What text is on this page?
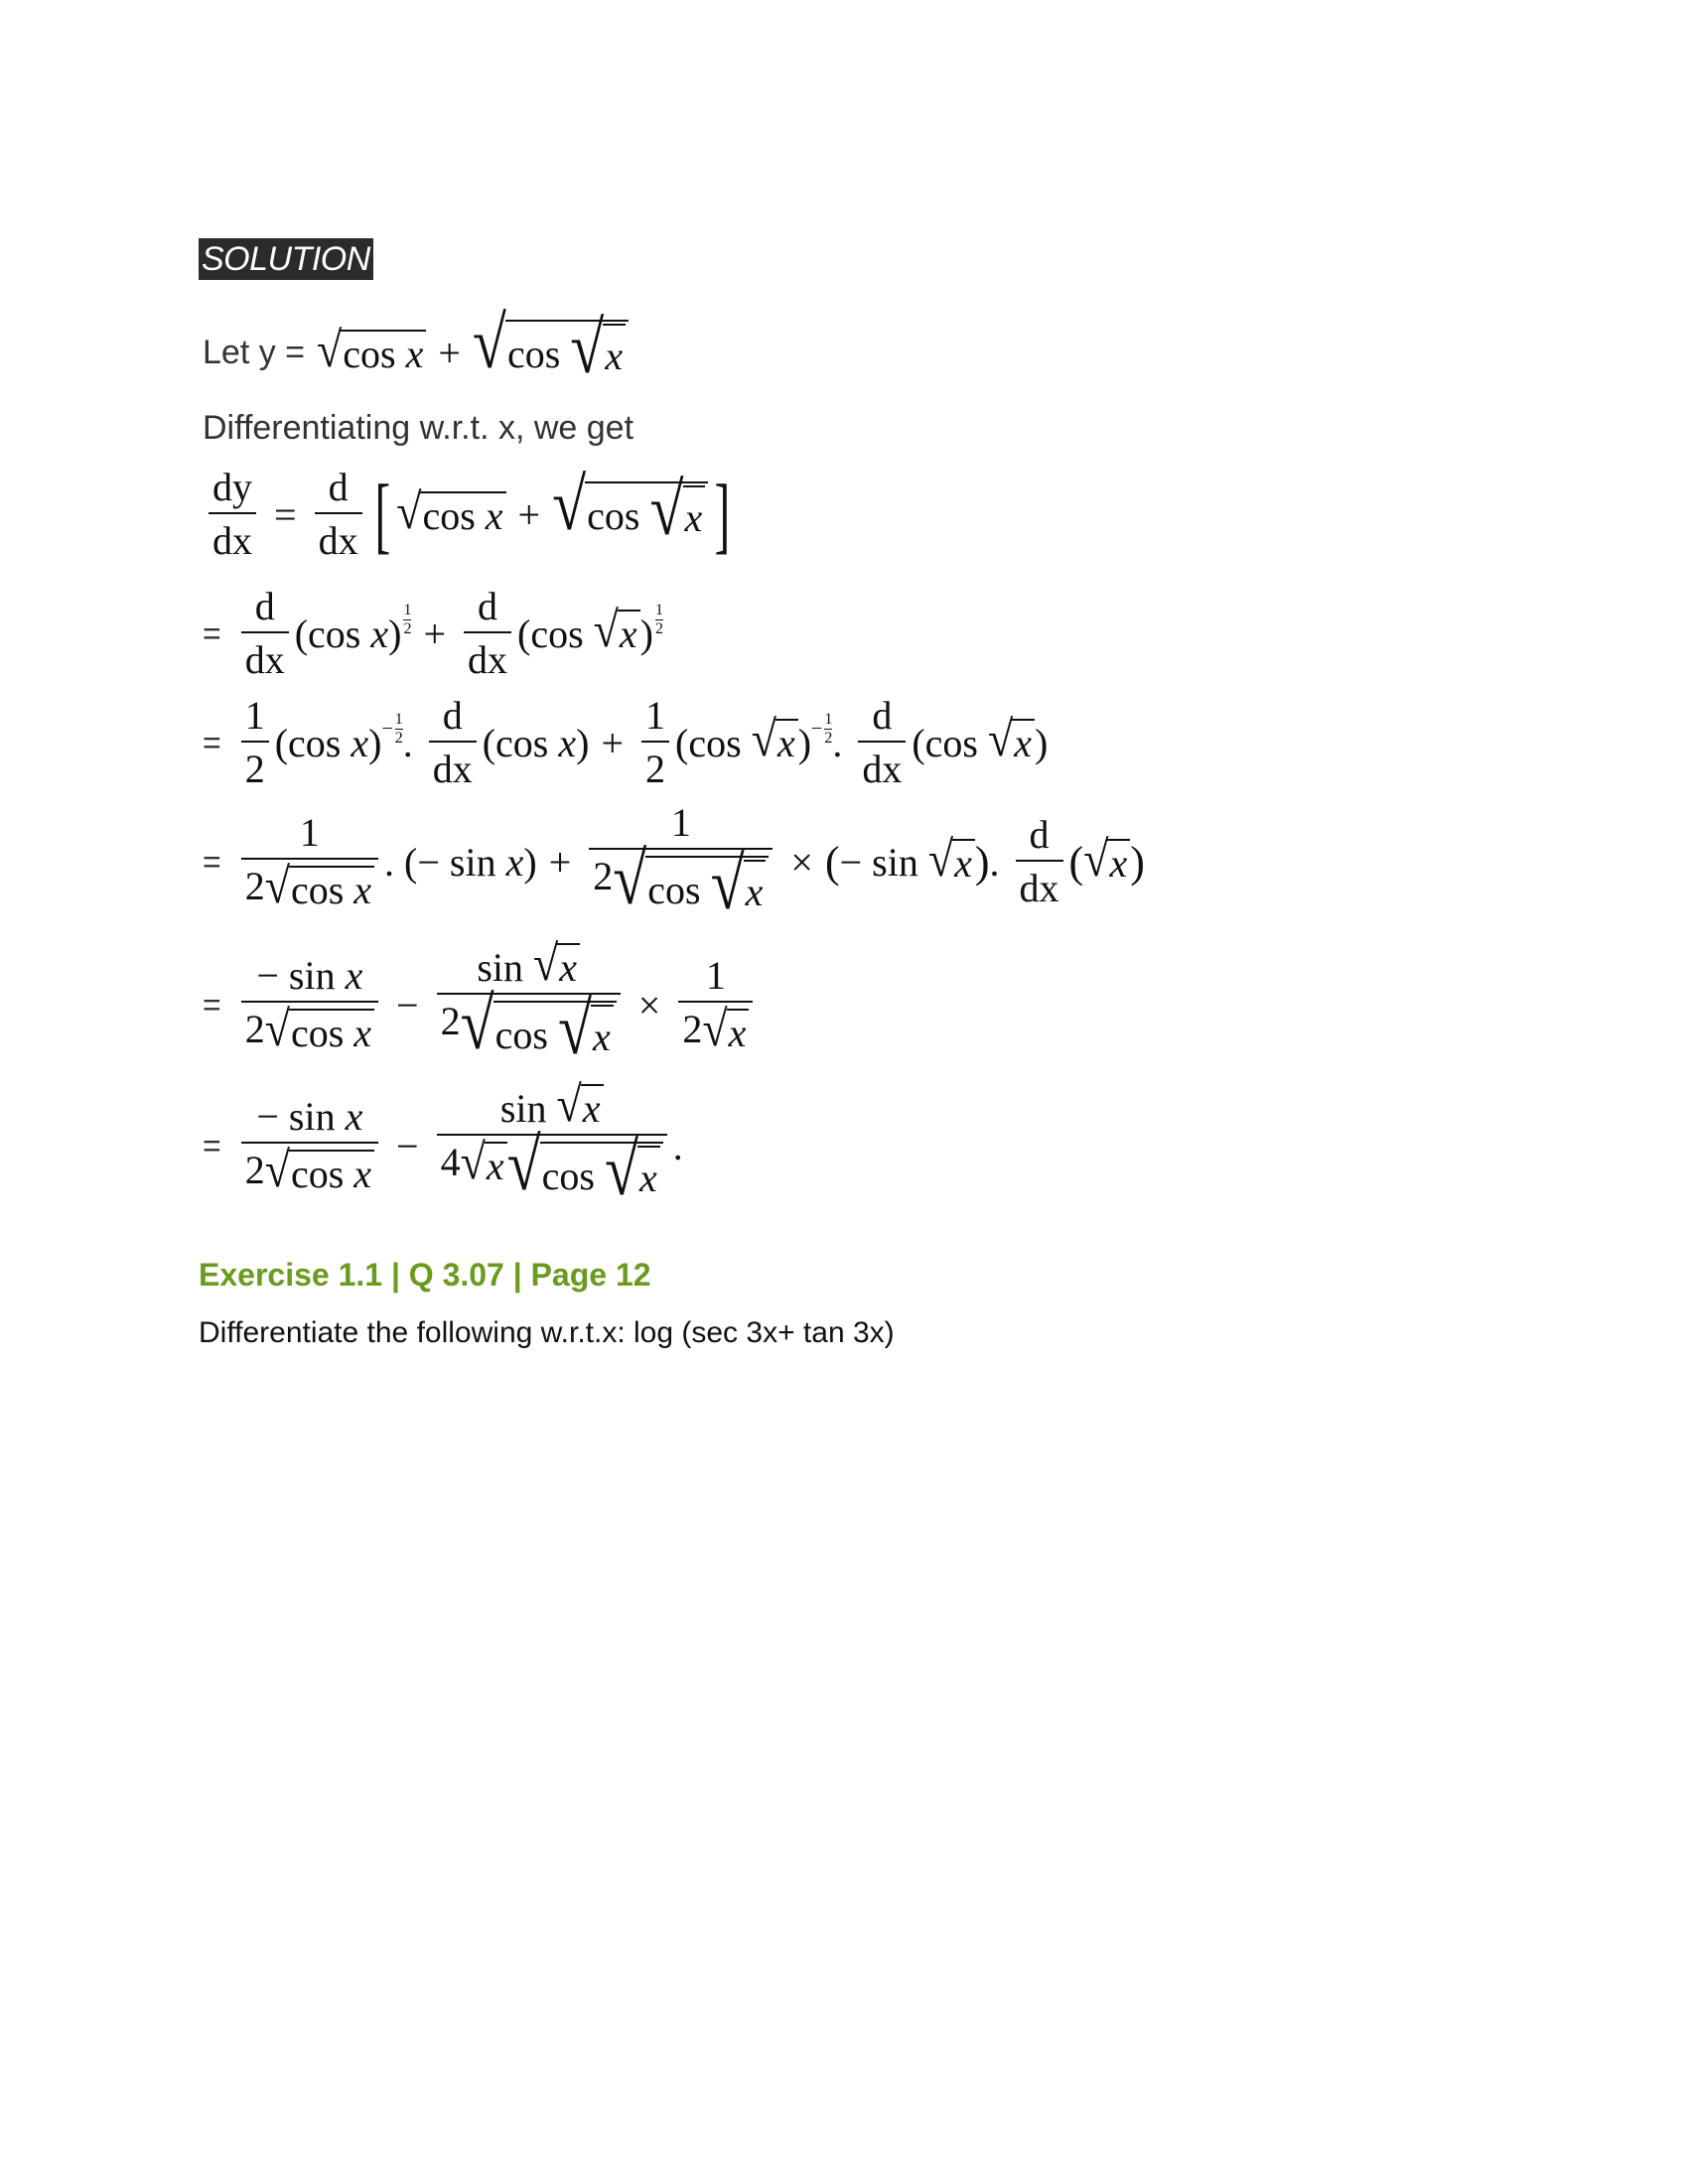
SOLUTION
Let y = √ cos
x + √ cos
√ x
Differentiating w.r.t. x, we get
$\frac{dy}{dx} = \frac{d}{dx}$ [ √ cos
x + √ cos
√ x ]
= $\frac{d}{dx} (\cos$ x)
1
$2 + \frac{d}{dx} (\cos$ √ x )
1
2
= $\frac{1}{2} (\cos$ $x) - \frac{1}{2}$ . $\frac{d}{dx} (\cos$ $x) + \frac{1}{2} (\cos$ √ x ) − $\frac{1}{2}$ . $\frac{d}{dx} (\cos$ √ x )
= 1
2 √ cos
x . (− sin x) + 1
2 √ cos
√ x × ( − sin
√ x ) . $\frac{d}{dx}$ ( √ x )
= − sin
x
2 √ cos
x − sin
√ x
2 √ cos
√ $x \times \frac{1}{2 √ x}$
= − sin
x
2 √ cos
x − sin
√ x
4 √ x √ cos
√ x .
Exercise 1.1 | Q 3.07 | Page 12
Differentiate the following w.r.t.x: log (sec 3x+ tan 3x)
